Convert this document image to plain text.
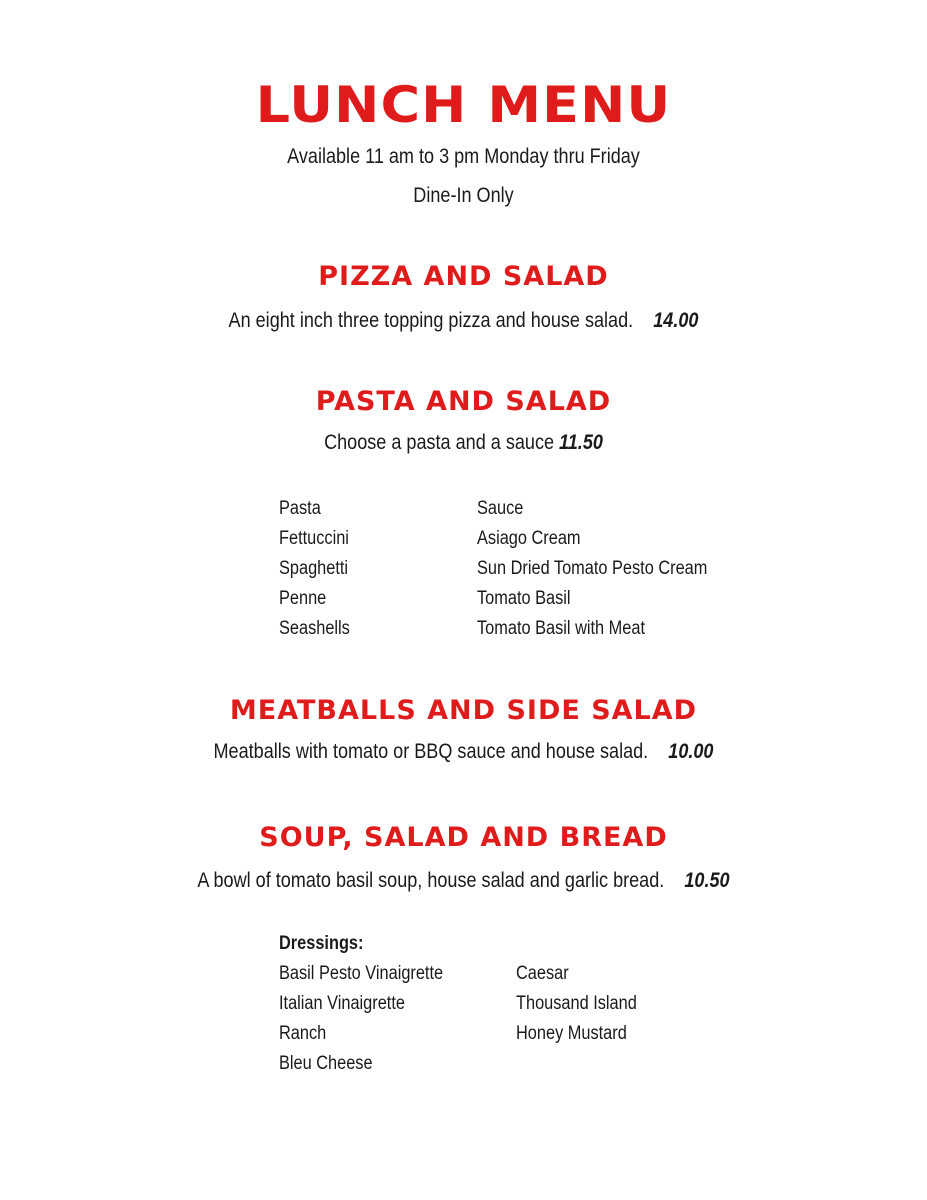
LUNCH MENU
Available 11 am to 3 pm Monday thru Friday
Dine-In Only
PIZZA AND SALAD
An eight inch three topping pizza and house salad. 14.00
PASTA AND SALAD
Choose a pasta and a sauce 11.50
Pasta
Fettuccini
Spaghetti
Penne
Seashells
Sauce
Asiago Cream
Sun Dried Tomato Pesto Cream
Tomato Basil
Tomato Basil with Meat
MEATBALLS AND SIDE SALAD
Meatballs with tomato or BBQ sauce and house salad. 10.00
SOUP, SALAD AND BREAD
A bowl of tomato basil soup, house salad and garlic bread. 10.50
Dressings:
Basil Pesto Vinaigrette
Italian Vinaigrette
Ranch
Bleu Cheese
Caesar
Thousand Island
Honey Mustard
